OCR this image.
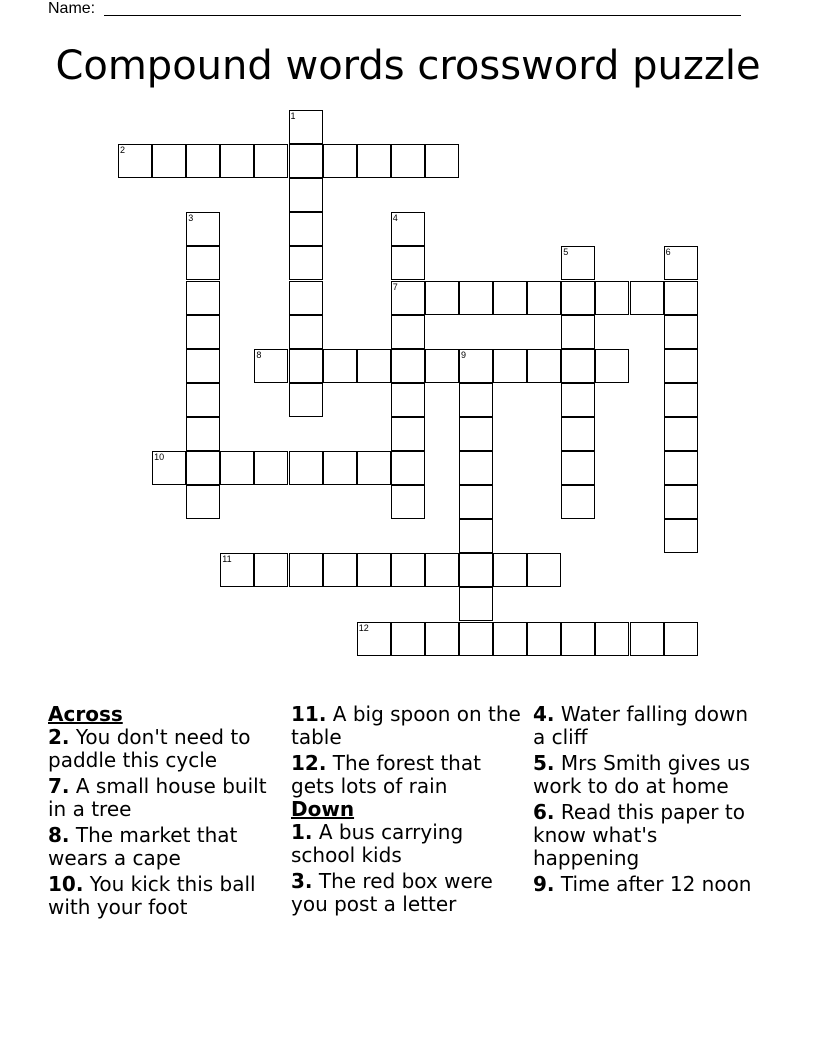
Name:
Compound words crossword puzzle
1
2
3	4
5	6
7
8	9
10
11
12
Across
2. You don't need to paddle this cycle
7. A small house built in a tree
8. The market that wears a cape
10. You kick this ball with your foot
11. A big spoon on the table
12. The forest that gets lots of rain
Down
1. A bus carrying school kids
3. The red box were you post a letter
4. Water falling down a cliff
5. Mrs Smith gives us work to do at home
6. Read this paper to know what's happening
9. Time after 12 noon
